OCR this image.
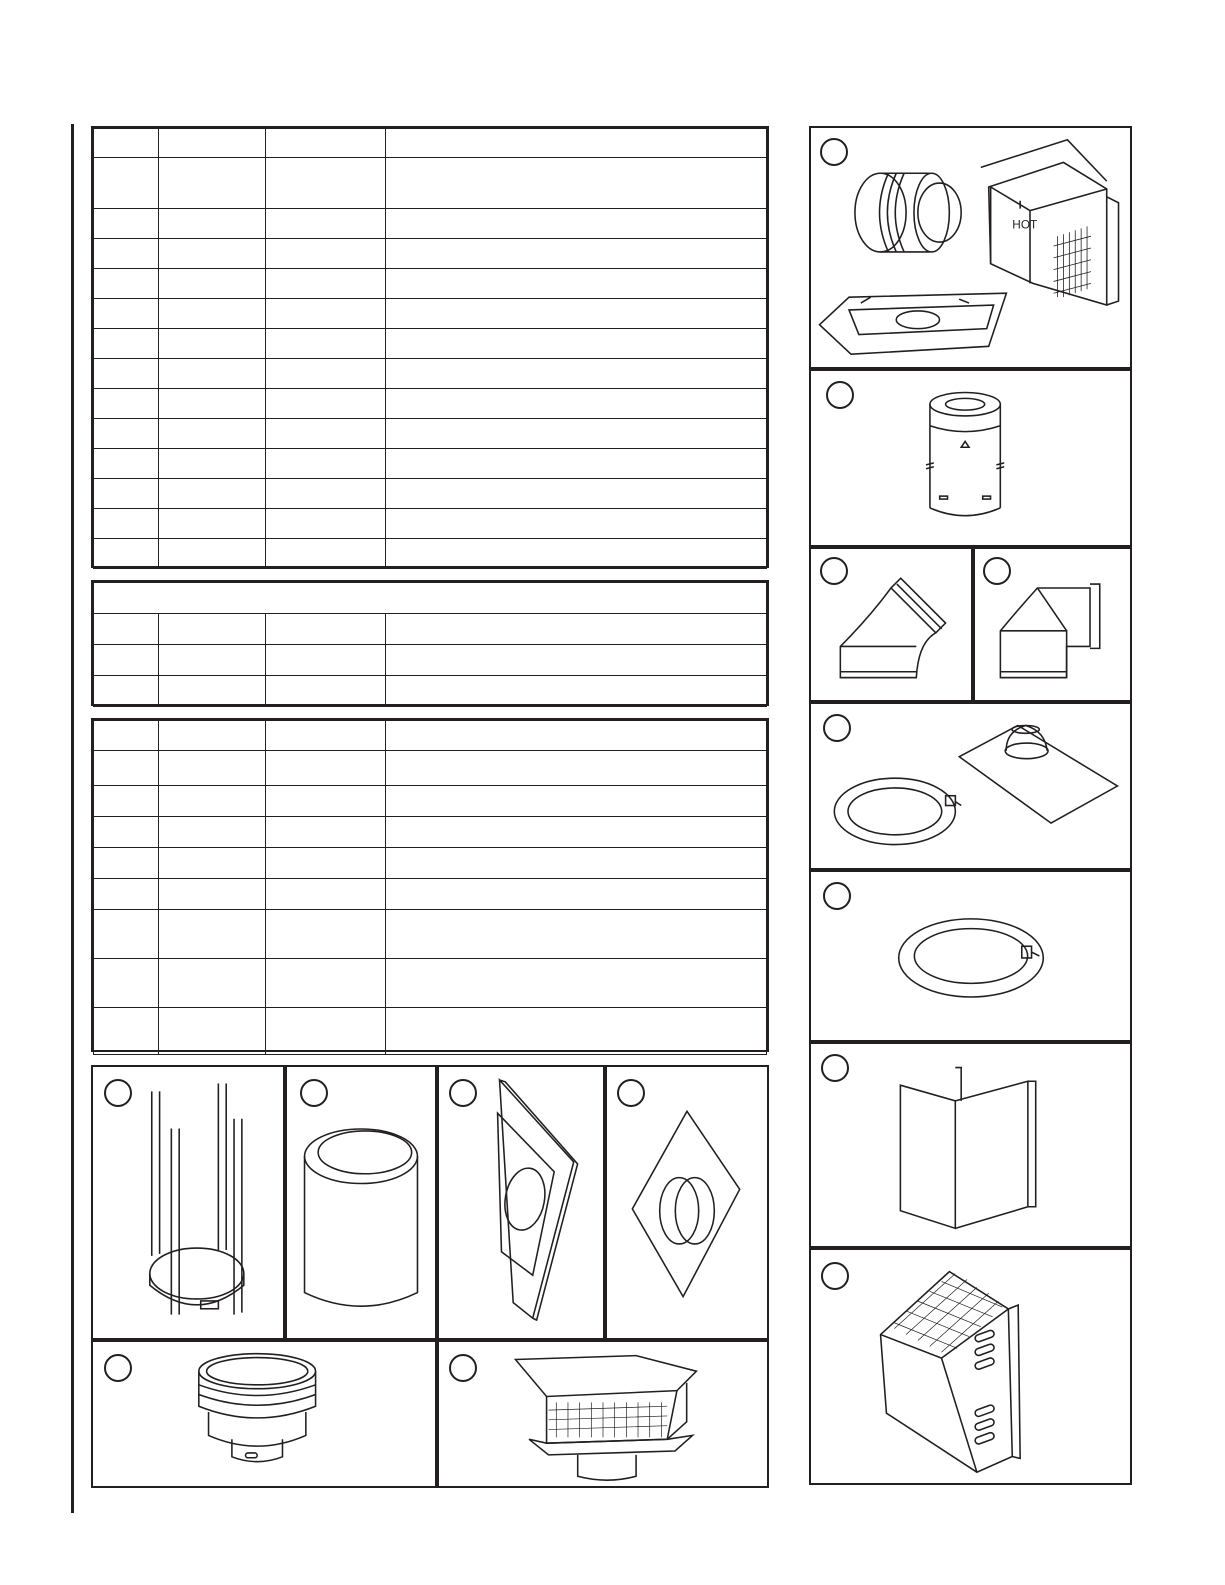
HOT
